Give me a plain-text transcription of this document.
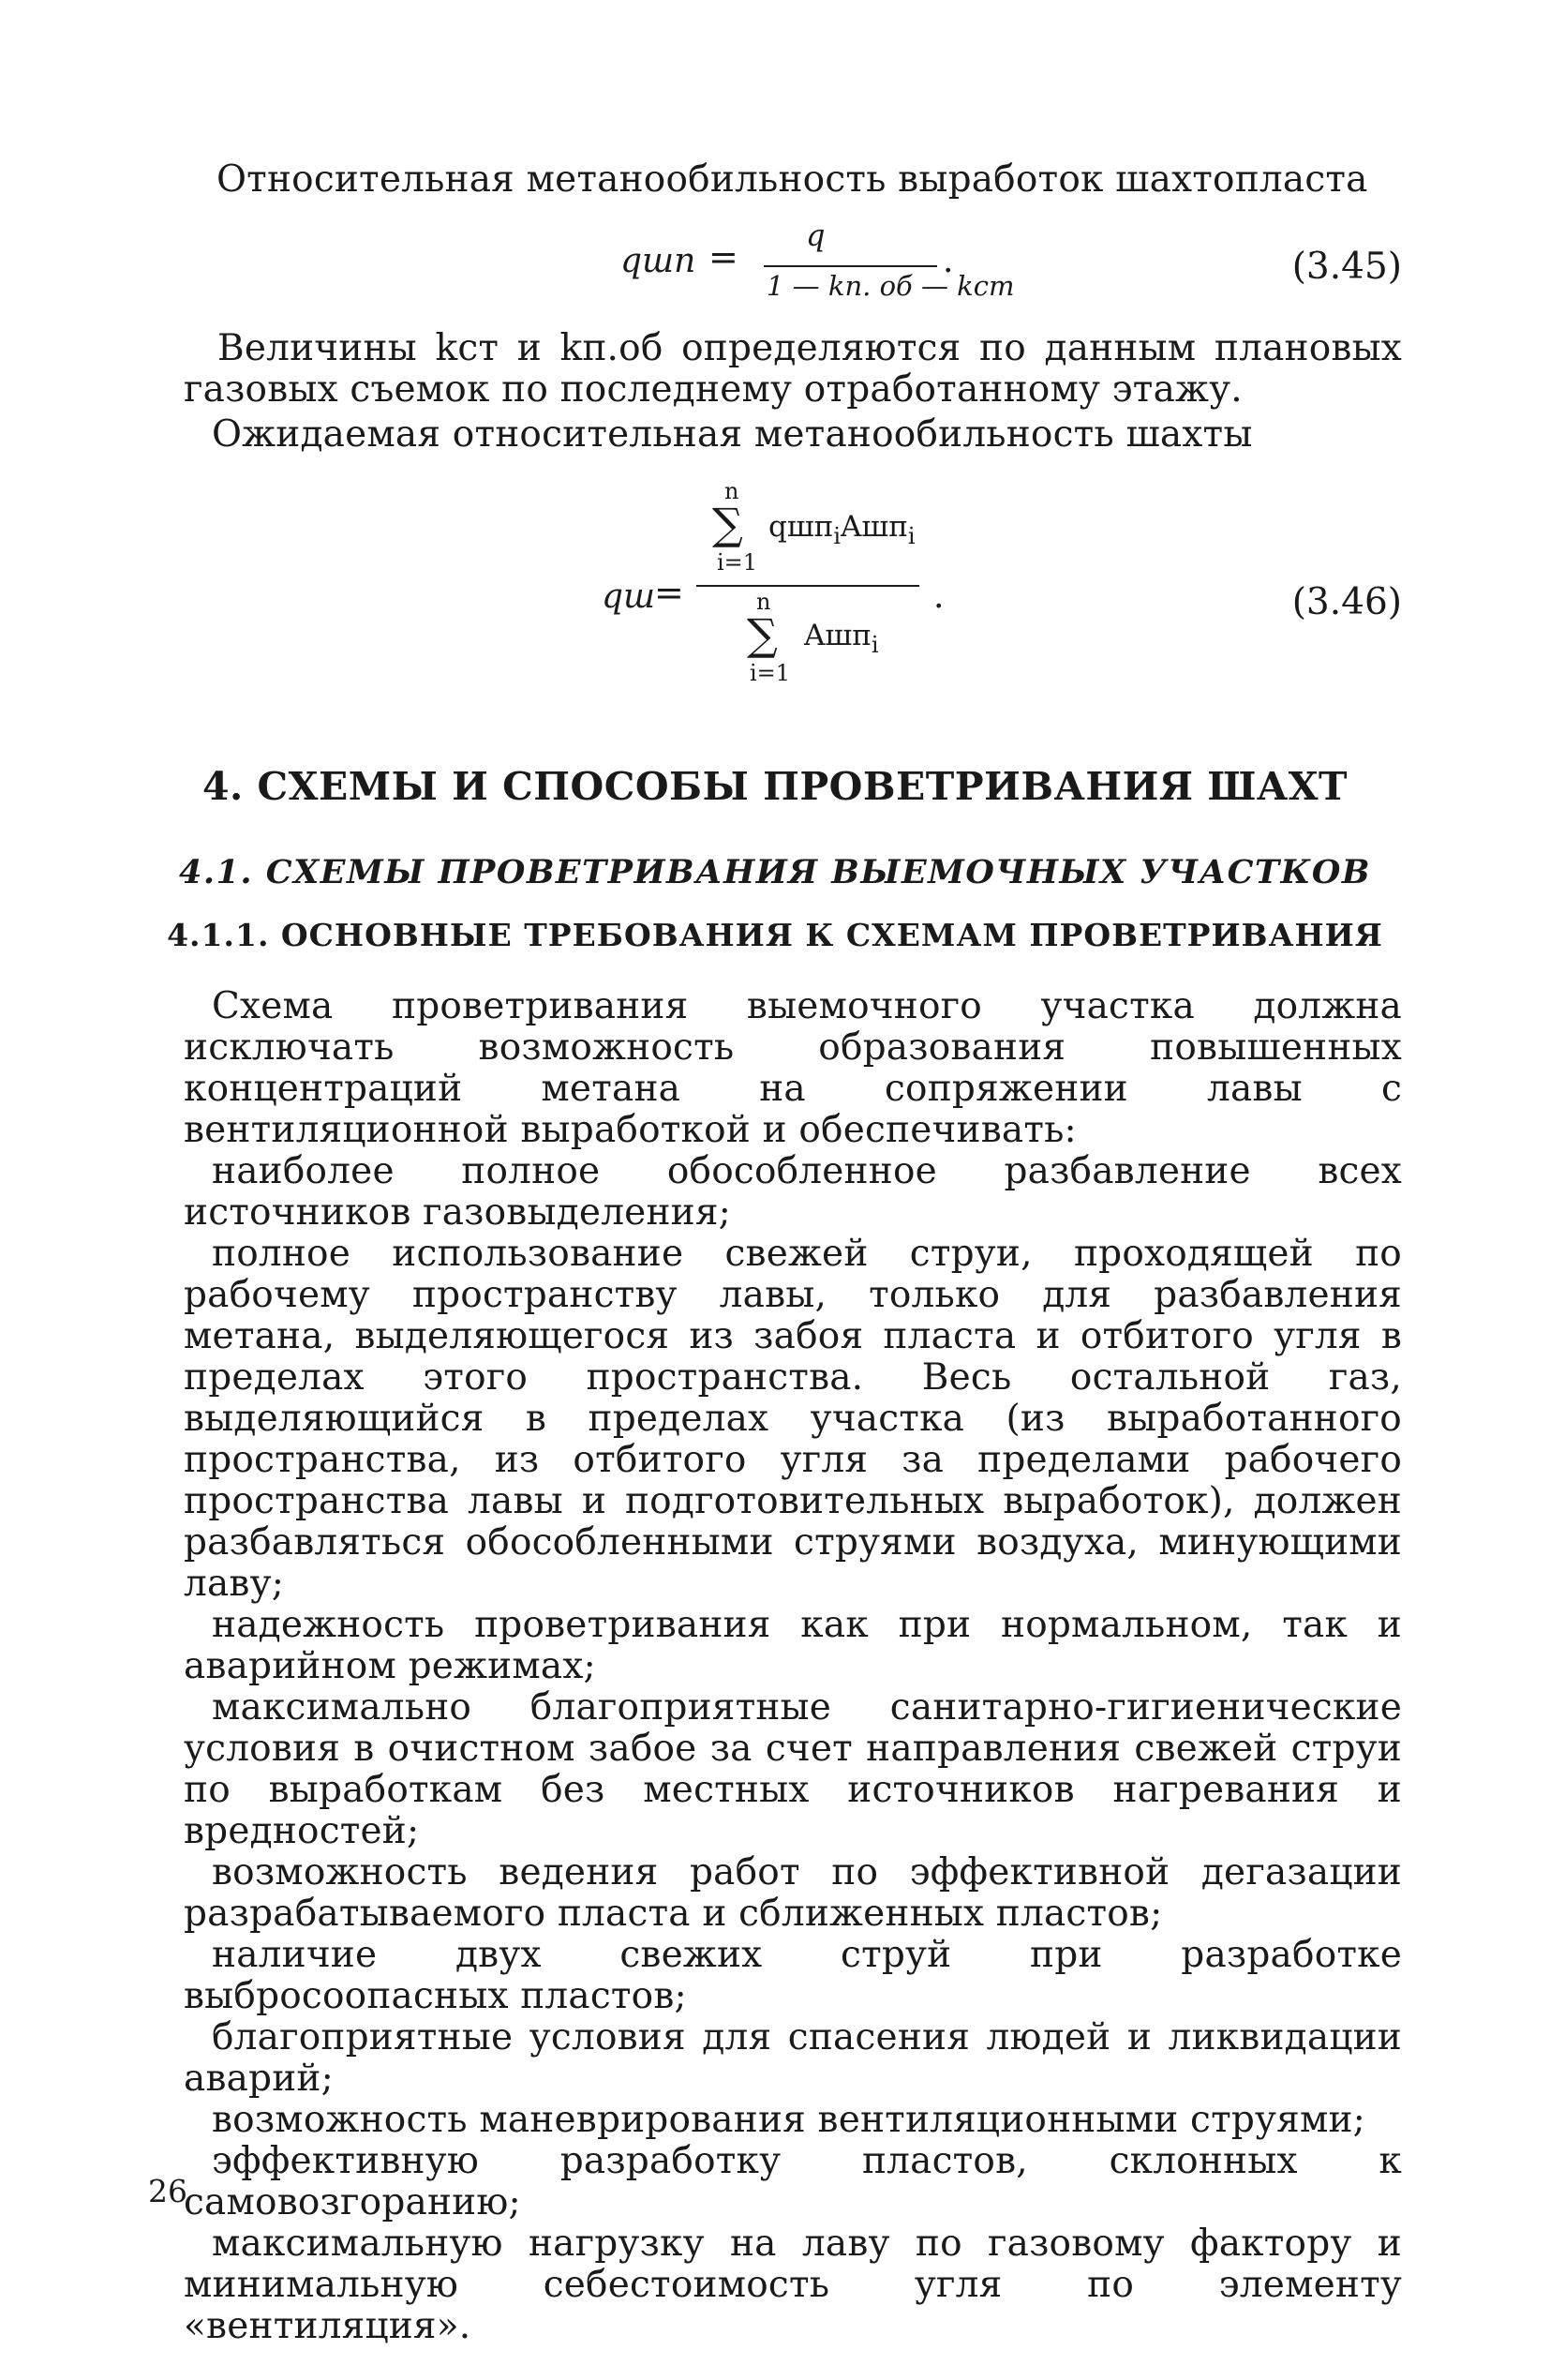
Относительная метанообильность выработок шахтопласта

qшп =
q
1 — kп. об — kст
.	(3.45)

Величины kст и kп.об определяются по данным плановых газовых съемок по последнему отработанному этажу.

Ожидаемая относительная метанообильность шахты

qш
=
n
∑
i=1
qшп$_i$Aшп$_i$
n
∑
i=1
Aшп$_i$
.	(3.46)
4. СХЕМЫ И СПОСОБЫ ПРОВЕТРИВАНИЯ ШАХТ
4.1. СХЕМЫ ПРОВЕТРИВАНИЯ ВЫЕМОЧНЫХ УЧАСТКОВ
4.1.1. ОСНОВНЫЕ ТРЕБОВАНИЯ К СХЕМАМ ПРОВЕТРИВАНИЯ

Схема проветривания выемочного участка должна исключать возможность образования повышенных концентраций метана на сопряжении лавы с вентиляционной выработкой и обеспечивать:

наиболее полное обособленное разбавление всех источников газовыделения;

полное использование свежей струи, проходящей по рабочему пространству лавы, только для разбавления метана, выделяющегося из забоя пласта и отбитого угля в пределах этого пространства. Весь остальной газ, выделяющийся в пределах участка (из выработанного пространства, из отбитого угля за пределами рабочего пространства лавы и подготовительных выработок), должен разбавляться обособленными струями воздуха, минующими лаву;

надежность проветривания как при нормальном, так и аварийном режимах;

максимально благоприятные санитарно-гигиенические условия в очистном забое за счет направления свежей струи по выработкам без местных источников нагревания и вредностей;

возможность ведения работ по эффективной дегазации разрабатываемого пласта и сближенных пластов;

наличие двух свежих струй при разработке выбросоопасных пластов;

благоприятные условия для спасения людей и ликвидации аварий;

возможность маневрирования вентиляционными струями;

эффективную разработку пластов, склонных к самовозгоранию;

максимальную нагрузку на лаву по газовому фактору и минимальную себестоимость угля по элементу «вентиляция».

26
